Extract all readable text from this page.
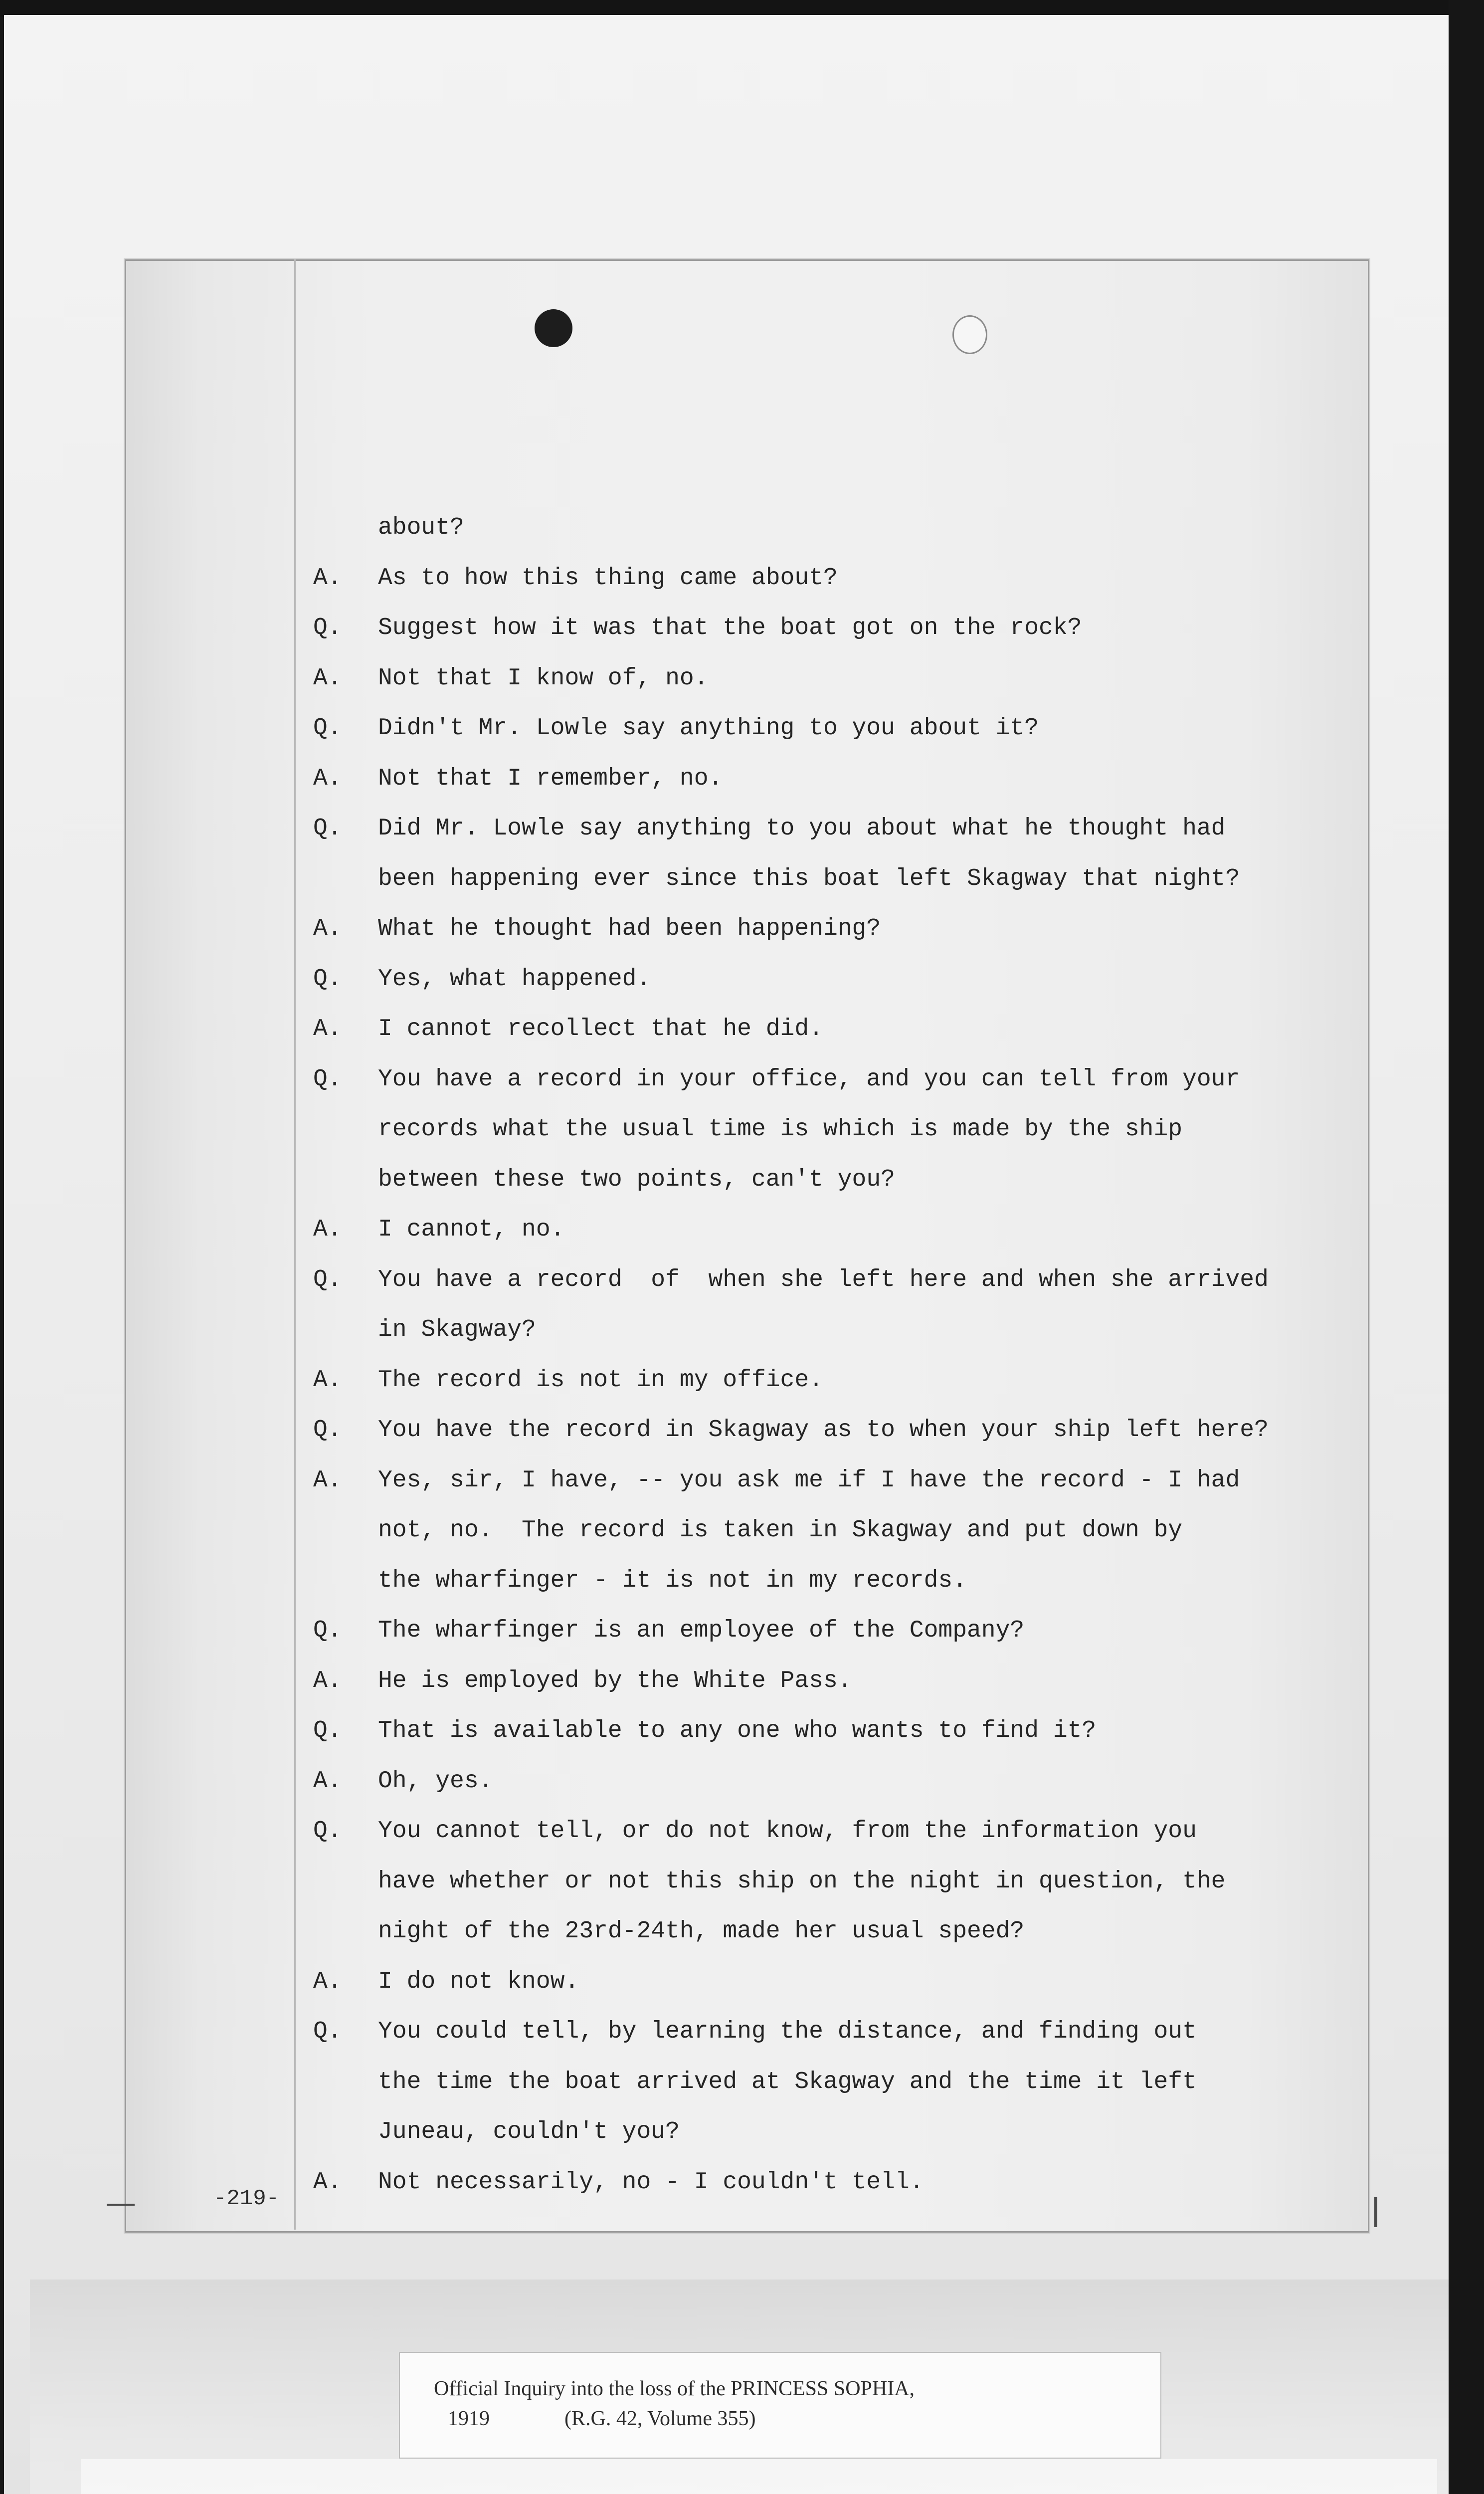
about?
A. As to how this thing came about?
Q. Suggest how it was that the boat got on the rock?
A. Not that I know of, no.
Q. Didn't Mr. Lowle say anything to you about it?
A. Not that I remember, no.
Q. Did Mr. Lowle say anything to you about what he thought had
been happening ever since this boat left Skagway that night?
A. What he thought had been happening?
Q. Yes, what happened.
A. I cannot recollect that he did.
Q. You have a record in your office, and you can tell from your
records what the usual time is which is made by the ship
between these two points, can't you?
A. I cannot, no.
Q. You have a record  of  when she left here and when she arrived
in Skagway?
A. The record is not in my office.
Q. You have the record in Skagway as to when your ship left here?
A. Yes, sir, I have, -- you ask me if I have the record - I had
not, no.  The record is taken in Skagway and put down by
the wharfinger - it is not in my records.
Q. The wharfinger is an employee of the Company?
A. He is employed by the White Pass.
Q. That is available to any one who wants to find it?
A. Oh, yes.
Q. You cannot tell, or do not know, from the information you
have whether or not this ship on the night in question, the
night of the 23rd-24th, made her usual speed?
A. I do not know.
Q. You could tell, by learning the distance, and finding out
the time the boat arrived at Skagway and the time it left
Juneau, couldn't you?
A. Not necessarily, no - I couldn't tell.
-219-
Official Inquiry into the loss of the PRINCESS SOPHIA,
1919	(R.G. 42, Volume 355)
